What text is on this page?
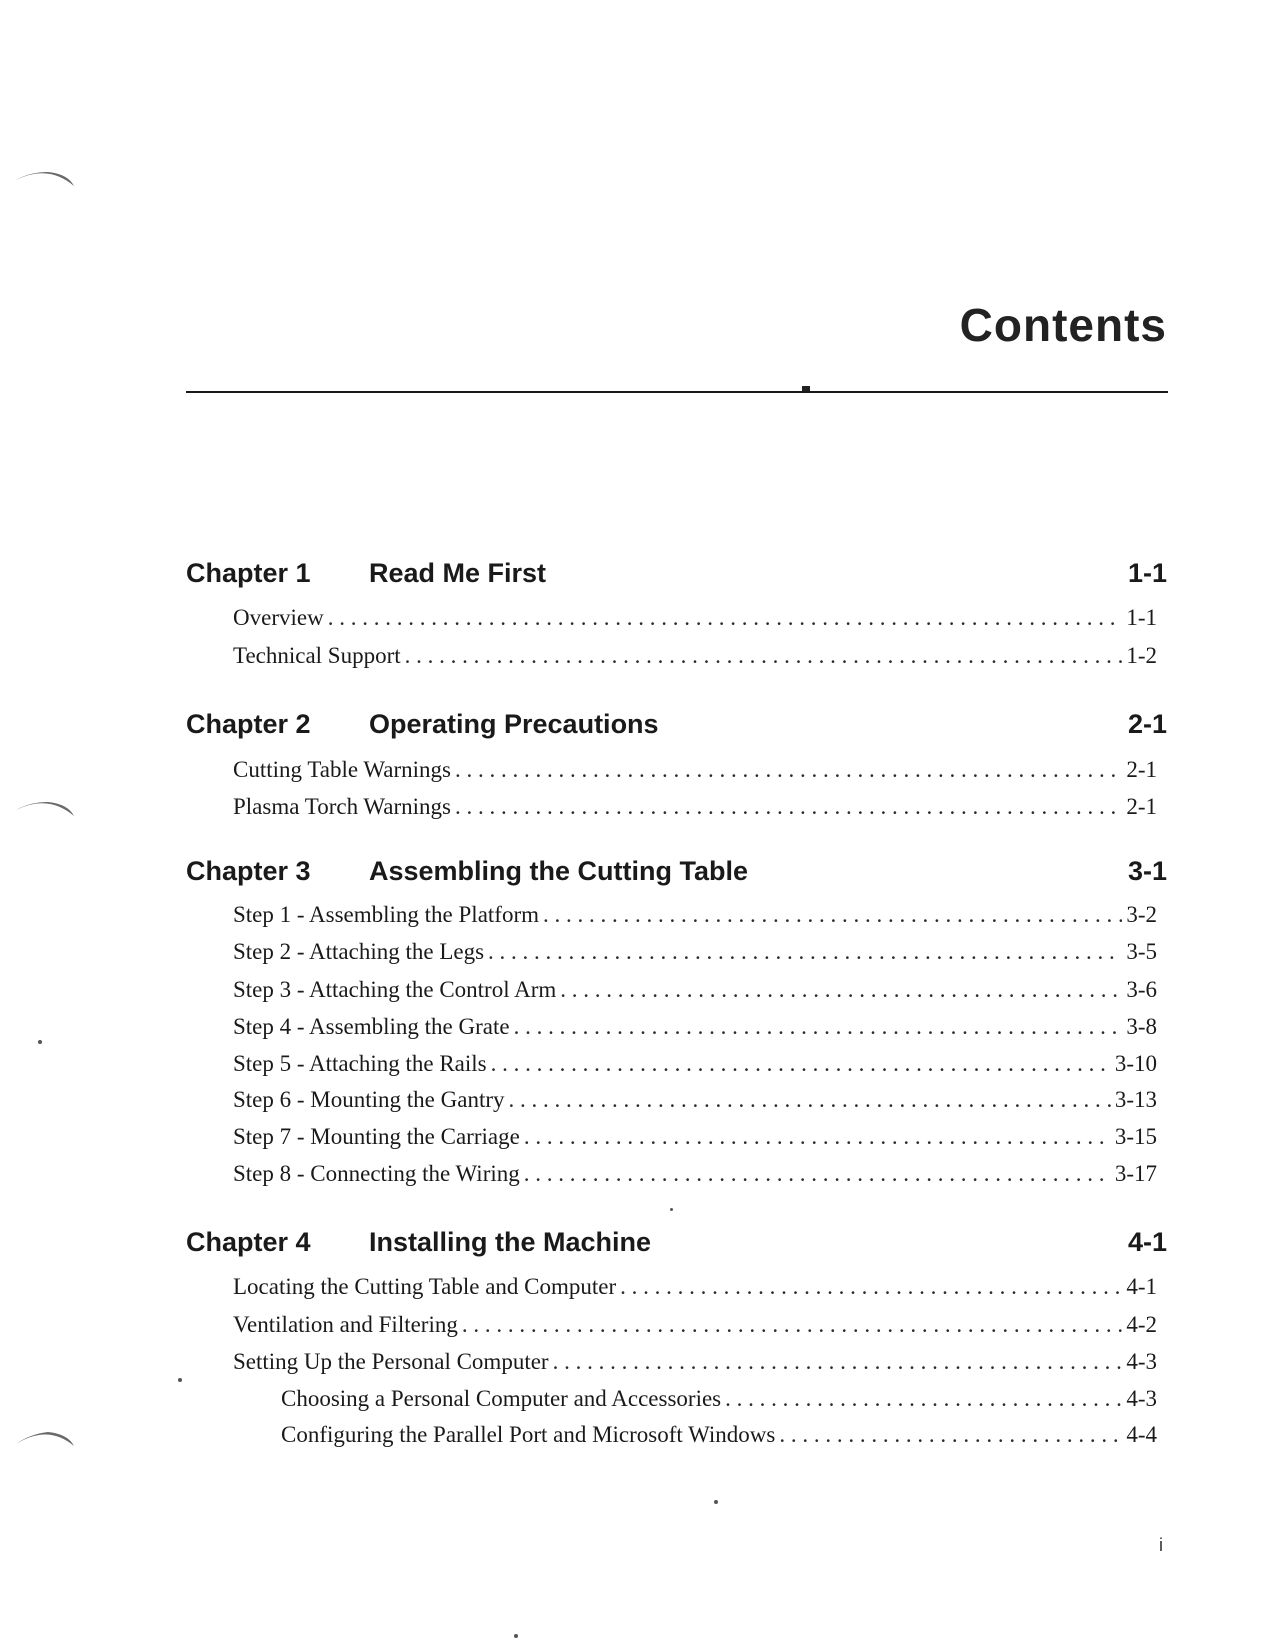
Contents
Chapter 1 Read Me First	1-1
Overview . . .	1-1
Technical Support . . .	1-2
Chapter 2 Operating Precautions	2-1
Cutting Table Warnings . . .	2-1
Plasma Torch Warnings . . .	2-1
Chapter 3 Assembling the Cutting Table	3-1
Step 1 - Assembling the Platform . . .	3-2
Step 2 - Attaching the Legs . . .	3-5
Step 3 - Attaching the Control Arm . . .	3-6
Step 4 - Assembling the Grate . . .	3-8
Step 5 - Attaching the Rails . . .	3-10
Step 6 - Mounting the Gantry . . .	3-13
Step 7 - Mounting the Carriage . . .	3-15
Step 8 - Connecting the Wiring . . .	3-17
Chapter 4 Installing the Machine	4-1
Locating the Cutting Table and Computer . . .	4-1
Ventilation and Filtering . . .	4-2
Setting Up the Personal Computer . . .	4-3
Choosing a Personal Computer and Accessories . . .	4-3
Configuring the Parallel Port and Microsoft Windows . . .	4-4
i
